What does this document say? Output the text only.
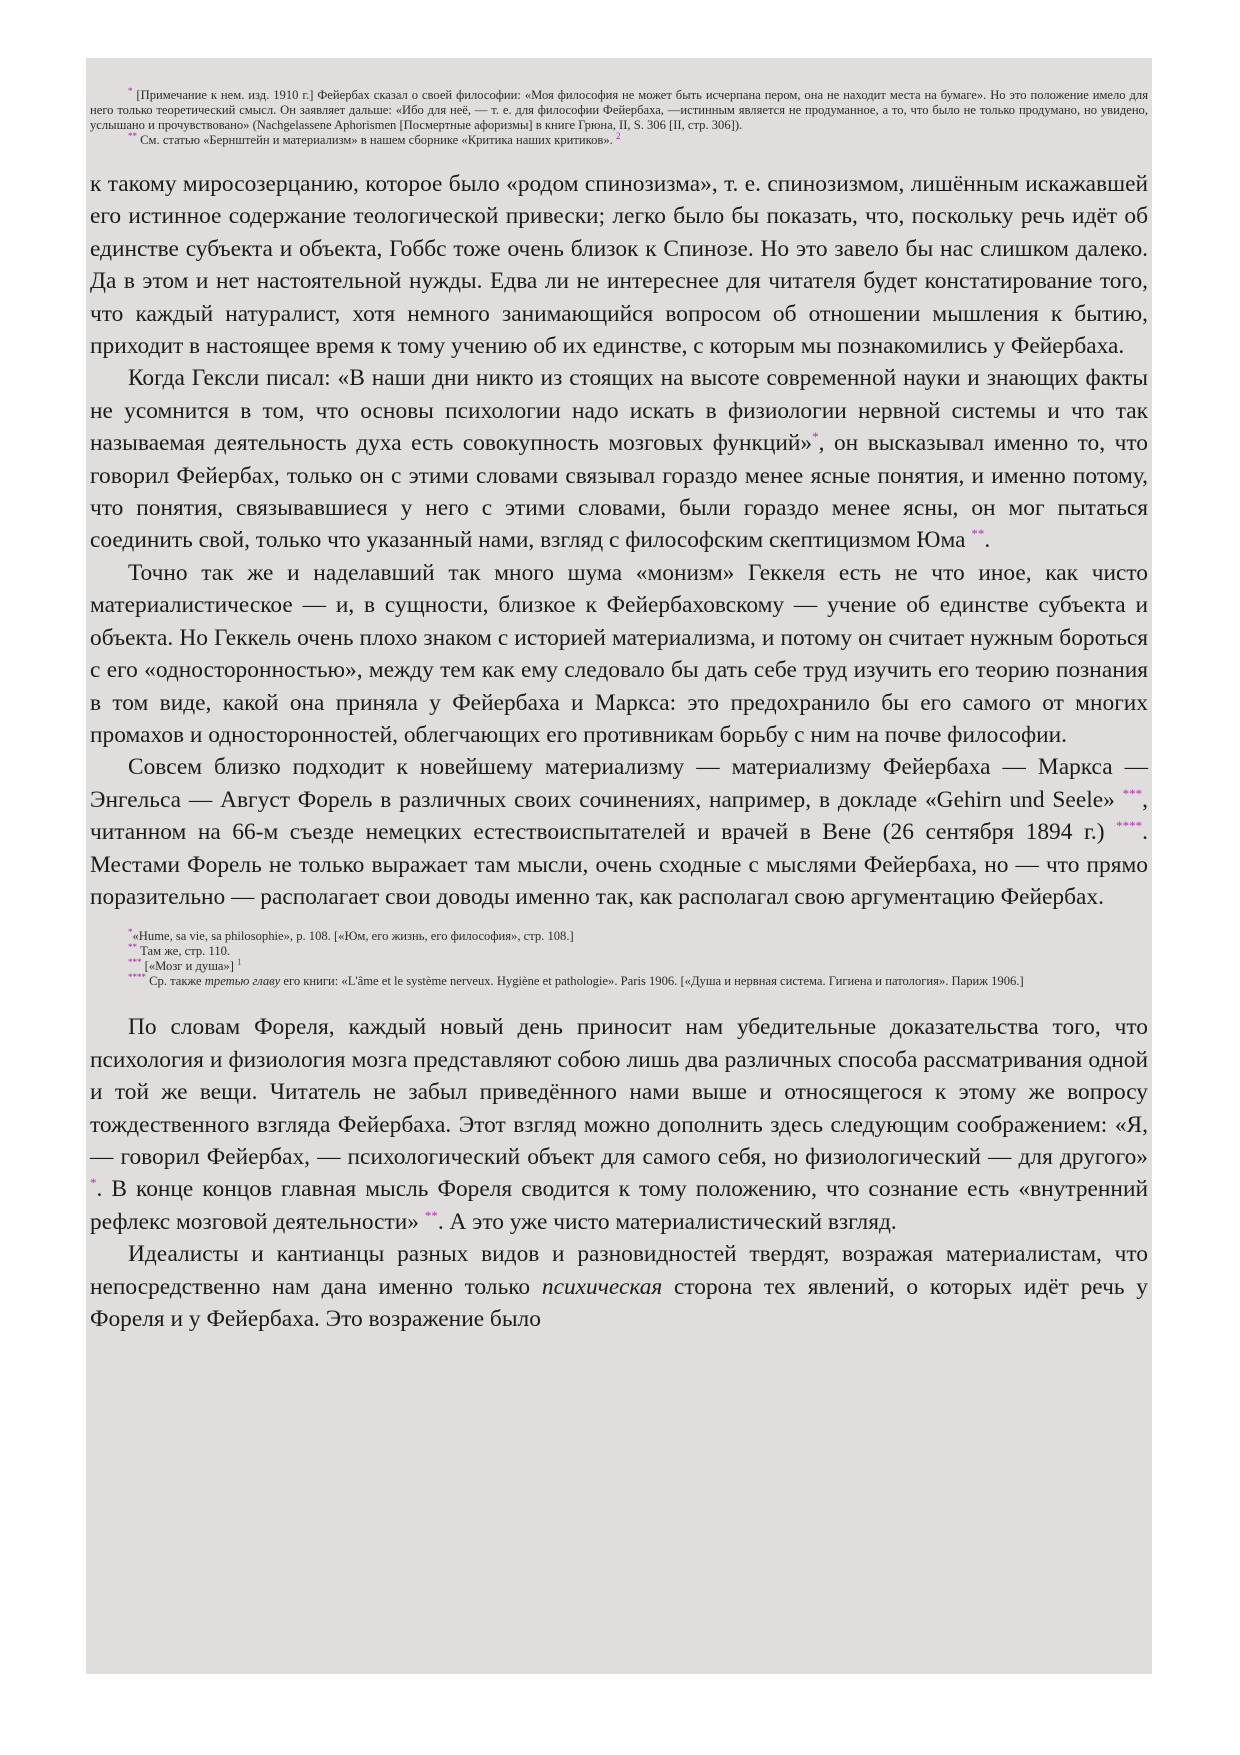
* [Примечание к нем. изд. 1910 г.] Фейербах сказал о своей философии: «Моя философия не может быть исчерпана пером, она не находит места на бумаге». Но это положение имело для него только теоретический смысл. Он заявляет дальше: «Ибо для неё, — т. е. для философии Фейербаха, —истинным является не продуманное, а то, что было не только продумано, но увидено, услышано и прочувствовано» (Nachgelassene Aphorismen [Посмертные афоризмы] в книге Грюна, II, S. 306 [II, стр. 306]).

** См. статью «Бернштейн и материализм» в нашем сборнике «Критика наших критиков». $^2$

к такому миросозерцанию, которое было «родом спинозизма», т. е. спинозизмом, лишённым искажавшей его истинное содержание теологической привески; легко было бы показать, что, поскольку речь идёт об единстве субъекта и объекта, Гоббс тоже очень близок к Спинозе. Но это завело бы нас слишком далеко. Да в этом и нет настоятельной нужды. Едва ли не интереснее для читателя будет констатирование того, что каждый натуралист, хотя немного занимающийся вопросом об отношении мышления к бытию, приходит в настоящее время к тому учению об их единстве, с которым мы познакомились у Фейербаха.

Когда Гексли писал: «В наши дни никто из стоящих на высоте современной науки и знающих факты не усомнится в том, что основы психологии надо искать в физиологии нервной системы и что так называемая деятельность духа есть совокупность мозговых функций»*, он высказывал именно то, что говорил Фейербах, только он с этими словами связывал гораздо менее ясные понятия, и именно потому, что понятия, связывавшиеся у него с этими словами, были гораздо менее ясны, он мог пытаться соединить свой, только что указанный нами, взгляд с философским скептицизмом Юма **.

Точно так же и наделавший так много шума «монизм» Геккеля есть не что иное, как чисто материалистическое — и, в сущности, близкое к Фейербаховскому — учение об единстве субъекта и объекта. Но Геккель очень плохо знаком с историей материализма, и потому он считает нужным бороться с его «односторонностью», между тем как ему следовало бы дать себе труд изучить его теорию познания в том виде, какой она приняла у Фейербаха и Маркса: это предохранило бы его самого от многих промахов и односторонностей, облегчающих его противникам борьбу с ним на почве философии.

Совсем близко подходит к новейшему материализму — материализму Фейербаха — Маркса — Энгельса — Август Форель в различных своих сочинениях, например, в докладе «Gehirn und Seele» ***, читанном на 66-м съезде немецких естествоиспытателей и врачей в Вене (26 сентября 1894 г.) ****. Местами Форель не только выражает там мысли, очень сходные с мыслями Фейербаха, но — что прямо поразительно — располагает свои доводы именно так, как располагал свою аргументацию Фейербах.

*«Hume, sa vie, sa philosophie», p. 108. [«Юм, его жизнь, его философия», стр. 108.]

** Там же, стр. 110.

*** [«Мозг и душа»] $^1$

**** Ср. также третью главу его книги: «L'âme et le système nerveux. Hygiène et pathologie». Paris 1906. [«Душа и нервная система. Гигиена и патология». Париж 1906.]

По словам Фореля, каждый новый день приносит нам убедительные доказательства того, что психология и физиология мозга представляют собою лишь два различных способа рассматривания одной и той же вещи. Читатель не забыл приведённого нами выше и относящегося к этому же вопросу тождественного взгляда Фейербаха. Этот взгляд можно дополнить здесь следующим соображением: «Я, — говорил Фейербах, — психологический объект для самого себя, но физиологический — для другого» *. В конце концов главная мысль Фореля сводится к тому положению, что сознание есть «внутренний рефлекс мозговой деятельности» **. А это уже чисто материалистический взгляд.

Идеалисты и кантианцы разных видов и разновидностей твердят, возражая материалистам, что непосредственно нам дана именно только психическая сторона тех явлений, о которых идёт речь у Фореля и у Фейербаха. Это возражение было
